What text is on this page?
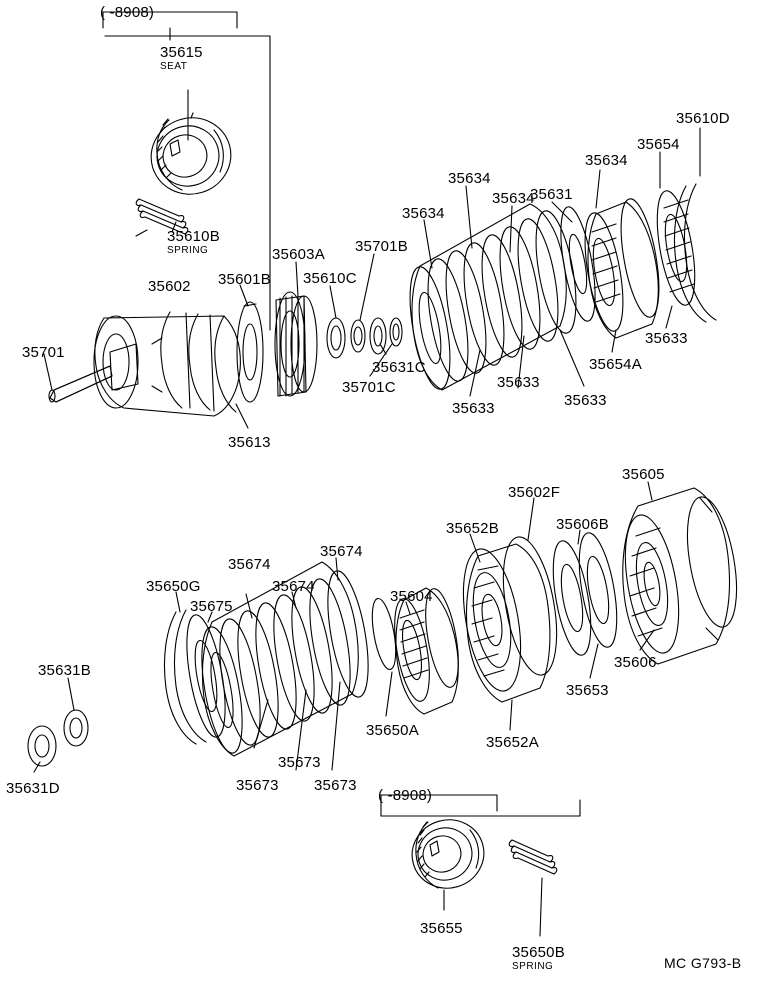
( -8908)
35615
SEAT
35610B
SPRING
35610D
35654
35634
35634
35634
35631
35634
35603A 35701B
35602 35601B 35610C
35701
35631C
35701C
35633
35654A
35633
35633
35633
35613
35605
35602F
35606B
35652B
35674
35674
35604
35674
35650G
35675
35631B	35606
35653
35650A
35652A
35631D
35673
35673 35673
( -8908)
35655
35650B
SPRING	MC G793-B
